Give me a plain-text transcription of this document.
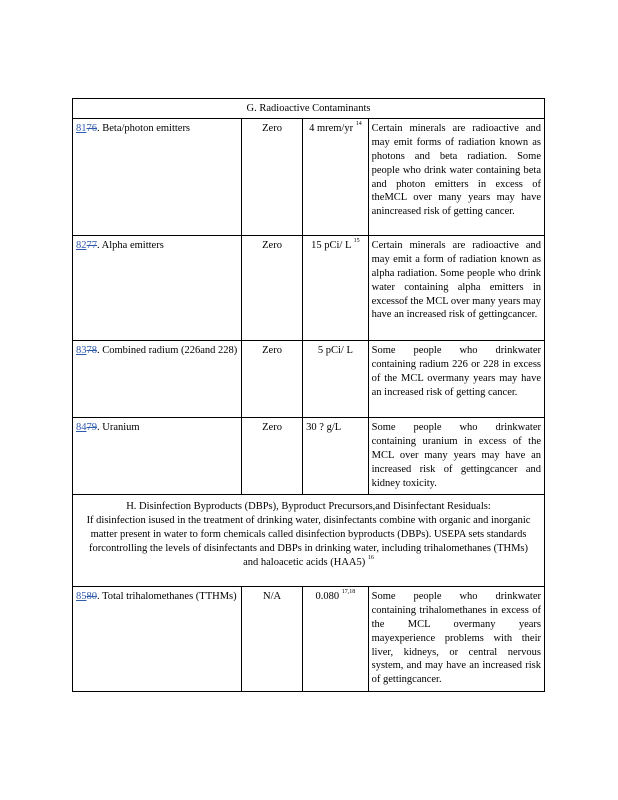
G. Radioactive Contaminants			
8176. Beta/photon emitters	Zero	4 mrem/yr $^{14}$	Certain minerals are radioactive and may emit forms of radiation known as photons and beta radiation. Some people who drink water containing beta and photon emitters in excess of theMCL over many years may have anincreased risk of getting cancer.
8277. Alpha emitters	Zero	15 pCi/ L $^{15}$	Certain minerals are radioactive and may emit a form of radiation known as alpha radiation. Some people who drink water containing alpha emitters in excessof the MCL over many years may have an increased risk of gettingcancer.
8378. Combined radium (226and 228)	Zero	5 pCi/ L	Some people who drinkwater containing radium 226 or 228 in excess of the MCL overmany years may have an increased risk of getting cancer.
8479. Uranium	Zero	30 ? g/L	Some people who drinkwater containing uranium in excess of the MCL over many years may have an increased risk of gettingcancer and kidney toxicity.

H. Disinfection Byproducts (DBPs), Byproduct Precursors,and Disinfectant Residuals:
If disinfection isused in the treatment of drinking water, disinfectants combine with organic and inorganic matter present in water to form chemicals called disinfection byproducts (DBPs). USEPA sets standards forcontrolling the levels of disinfectants and DBPs in drinking water, including trihalomethanes (THMs) and haloacetic acids (HAA5) $^{16}$

8580. Total trihalomethanes (TTHMs)	N/A	0.080 $^{17,18}$	Some people who drinkwater containing trihalomethanes in excess of the MCL overmany years mayexperience problems with their liver, kidneys, or central nervous system, and may have an increased risk of gettingcancer.
